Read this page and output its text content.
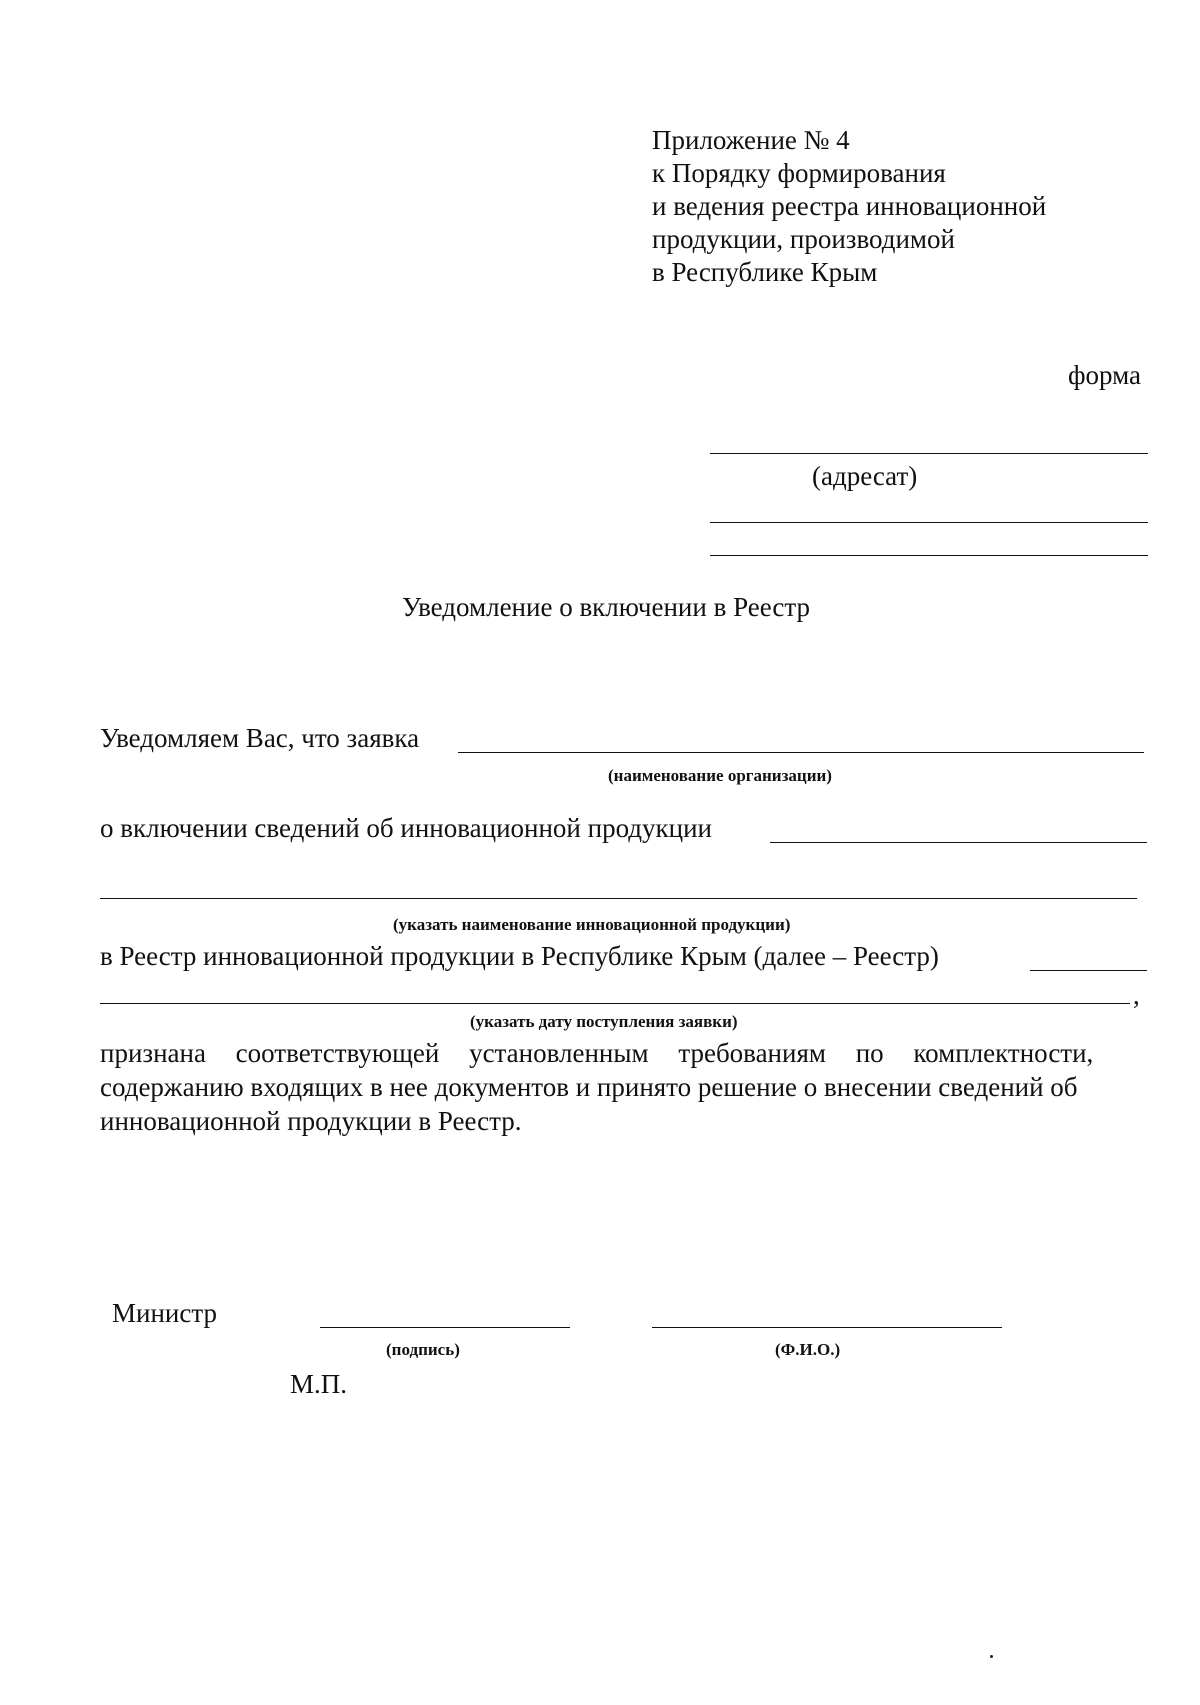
Приложение № 4
к Порядку формирования
и ведения реестра инновационной
продукции, производимой
в Республике Крым
форма
(адресат)
Уведомление о включении в Реестр
Уведомляем Вас, что заявка
(наименование организации)
о включении сведений об инновационной продукции
(указать наименование инновационной продукции)
в Реестр инновационной продукции в Республике Крым (далее – Реестр)
,
(указать дату поступления заявки)
признана соответствующей установленным требованиям по комплектности,
содержанию входящих в нее документов и принято решение о внесении сведений об
инновационной продукции в Реестр.
Министр
(подпись)	(Ф.И.О.)
М.П.
